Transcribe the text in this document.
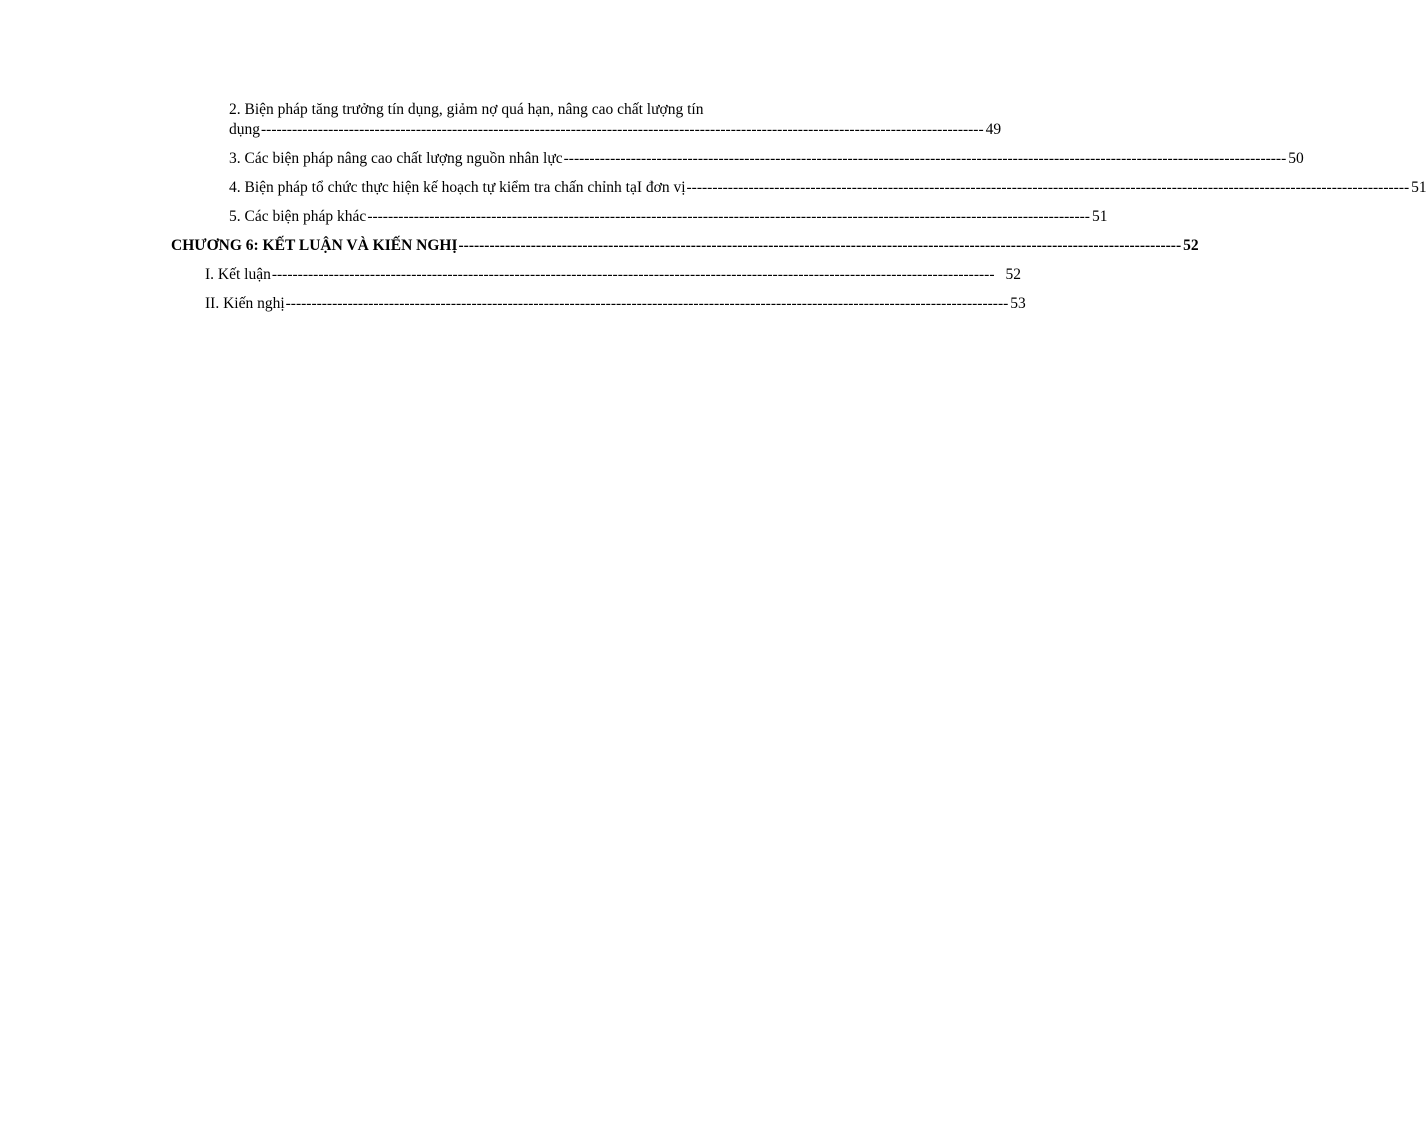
2. Biện pháp tăng trưởng tín dụng, giảm nợ quá hạn, nâng cao chất lượng tín
dụng -------------------------------------------------------------------------------------------------------------------------------------------- 49
3. Các biện pháp nâng cao chất lượng nguồn nhân lực -------------------------------------------------------------------------------------------------------------------------------------------- 50
4. Biện pháp tổ chức thực hiện kế hoạch tự kiểm tra chấn chỉnh tạI đơn vị -------------------------------------------------------------------------------------------------------------------------------------------- 51
5. Các biện pháp khác -------------------------------------------------------------------------------------------------------------------------------------------- 51
CHƯƠNG 6: KẾT LUẬN VÀ KIẾN NGHỊ -------------------------------------------------------------------------------------------------------------------------------------------- 52
I. Kết luận -------------------------------------------------------------------------------------------------------------------------------------------- 52
II. Kiến nghị -------------------------------------------------------------------------------------------------------------------------------------------- 53
